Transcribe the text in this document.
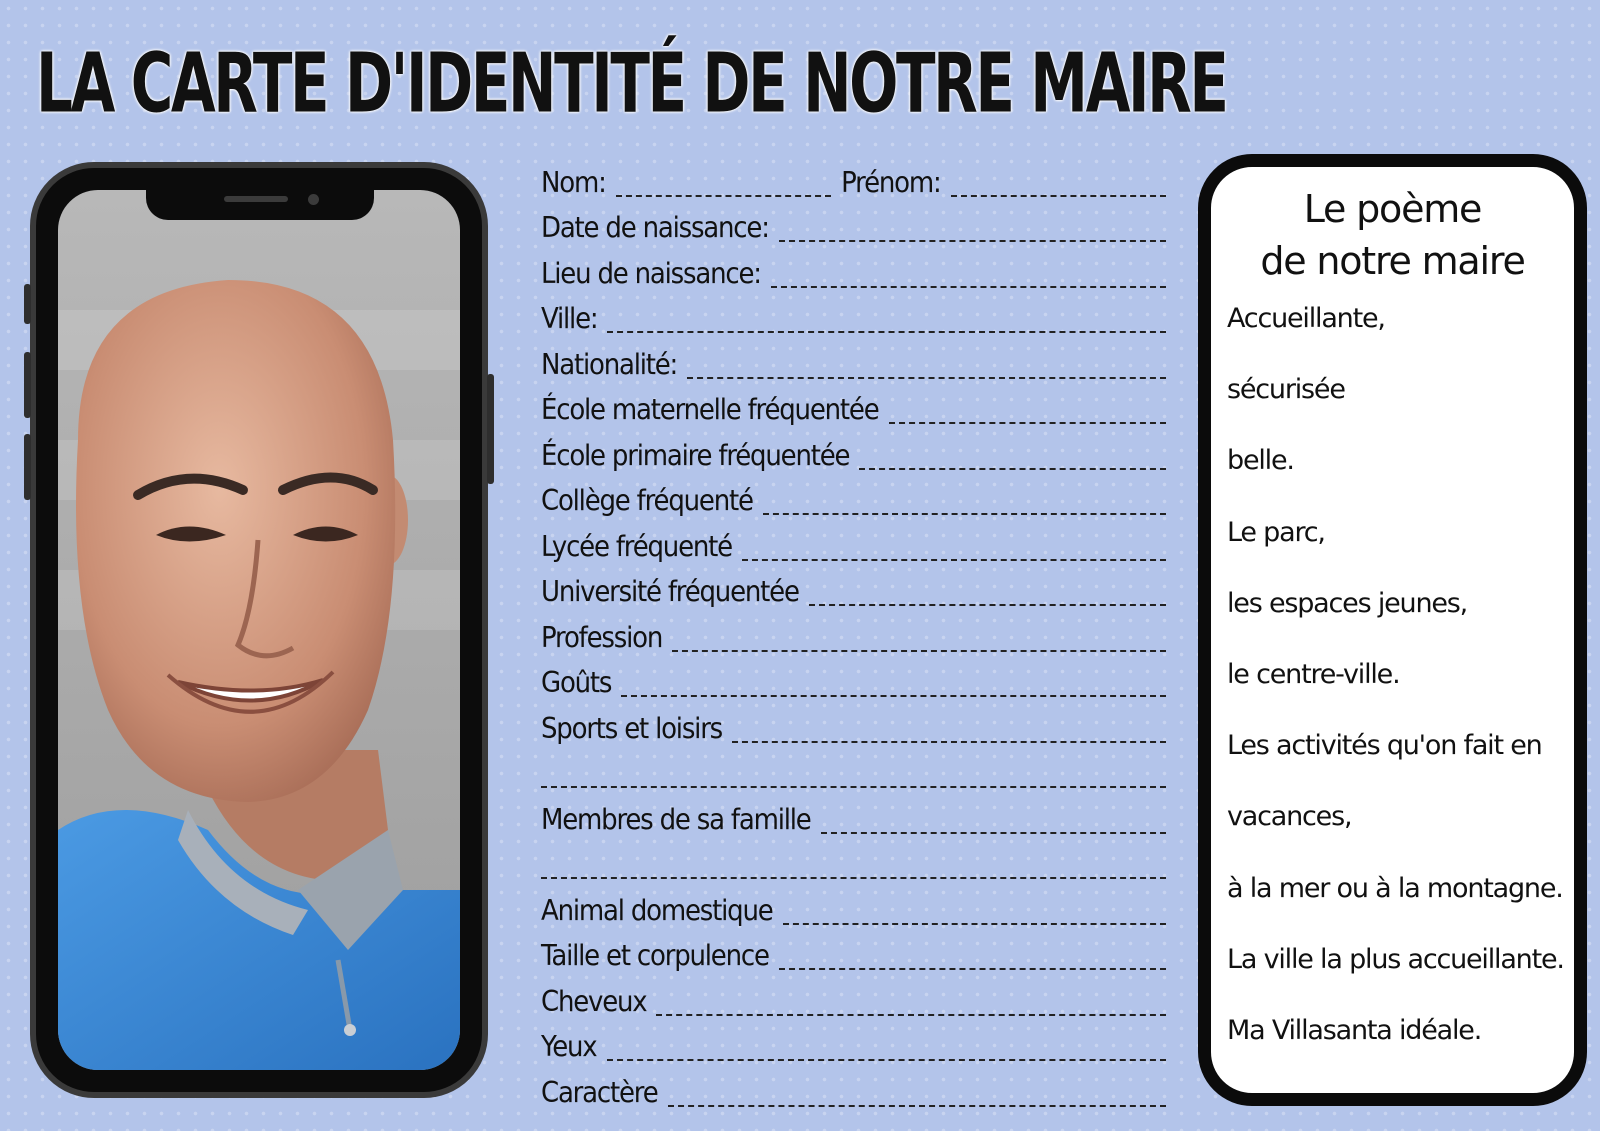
LA CARTE D'IDENTITÉ DE NOTRE MAIRE
Nom:	Prénom:
Date de naissance:
Lieu de naissance:
Ville:
Nationalité:
École maternelle fréquentée
École primaire fréquentée
Collège fréquenté
Lycée fréquenté
Université fréquentée
Profession
Goûts
Sports et loisirs
Membres de sa famille
Animal domestique
Taille et corpulence
Cheveux
Yeux
Caractère
Le poème
de notre maire
Accueillante,
sécurisée
belle.
Le parc,
les espaces jeunes,
le centre-ville.
Les activités qu'on fait en
vacances,
à la mer ou à la montagne.
La ville la plus accueillante.
Ma Villasanta idéale.
